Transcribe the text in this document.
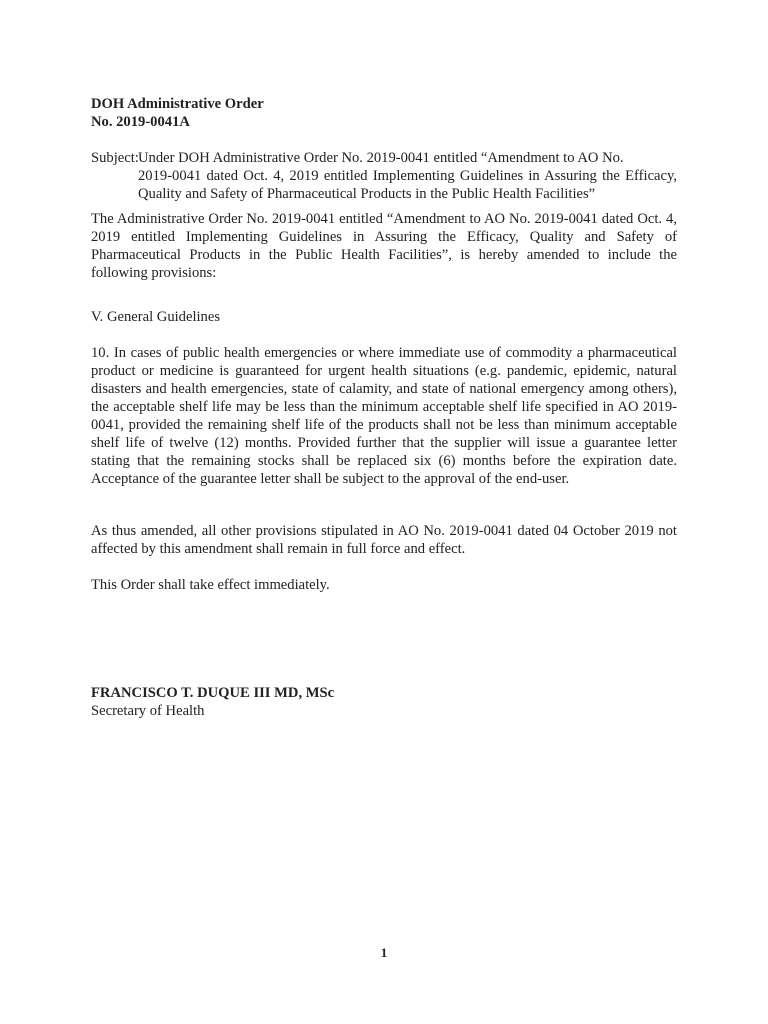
DOH Administrative Order
No. 2019-0041A
Subject: Under DOH Administrative Order No. 2019-0041 entitled “Amendment to AO No.
2019-0041 dated Oct. 4, 2019 entitled Implementing Guidelines in Assuring the Efficacy, Quality and Safety of Pharmaceutical Products in the Public Health Facilities”

The Administrative Order No. 2019-0041 entitled “Amendment to AO No. 2019-0041 dated Oct. 4, 2019 entitled Implementing Guidelines in Assuring the Efficacy, Quality and Safety of Pharmaceutical Products in the Public Health Facilities”, is hereby amended to include the following provisions:

V. General Guidelines

10. In cases of public health emergencies or where immediate use of commodity a pharmaceutical product or medicine is guaranteed for urgent health situations (e.g. pandemic, epidemic, natural disasters and health emergencies, state of calamity, and state of national emergency among others), the acceptable shelf life may be less than the minimum acceptable shelf life specified in AO 2019-0041, provided the remaining shelf life of the products shall not be less than minimum acceptable shelf life of twelve (12) months. Provided further that the supplier will issue a guarantee letter stating that the remaining stocks shall be replaced six (6) months before the expiration date. Acceptance of the guarantee letter shall be subject to the approval of the end-user.

As thus amended, all other provisions stipulated in AO No. 2019-0041 dated 04 October 2019 not affected by this amendment shall remain in full force and effect.

This Order shall take effect immediately.

FRANCISCO T. DUQUE III MD, MSc
Secretary of Health
1
